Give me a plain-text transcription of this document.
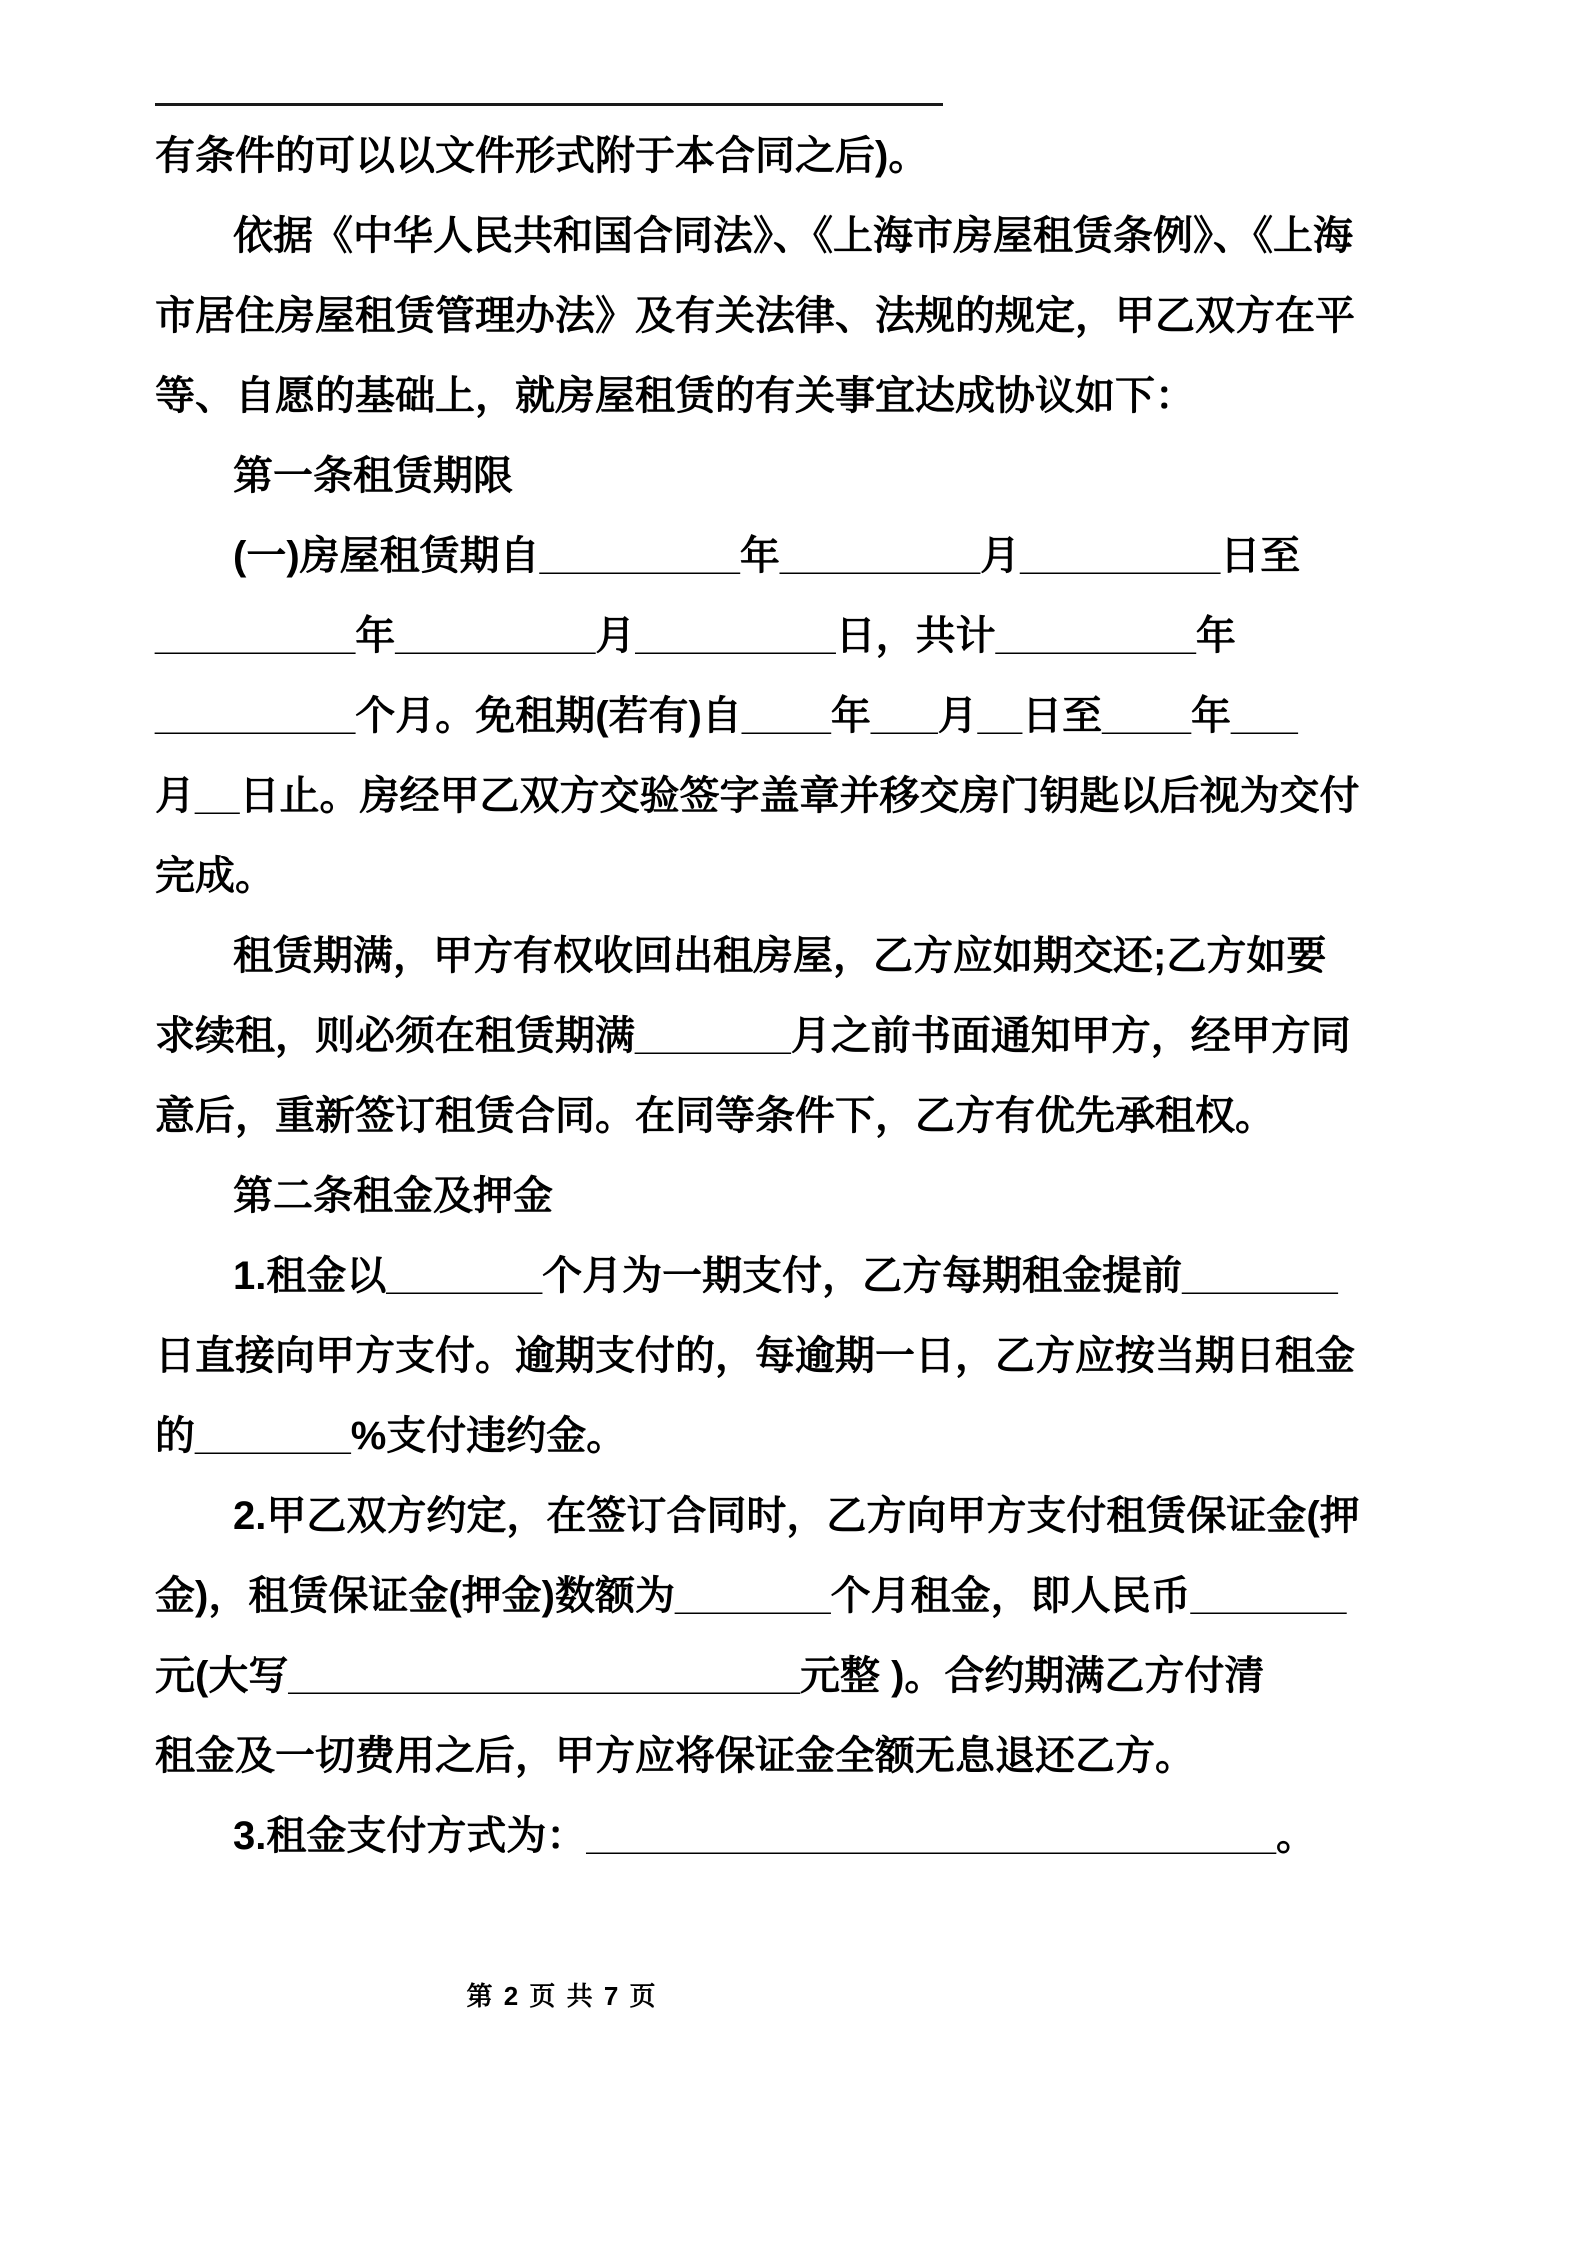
有条件的可以以文件形式附于本合同之后)。
依据《中华人民共和国合同法》、《上海市房屋租赁条例》、《上海
市居住房屋租赁管理办法》及有关法律、法规的规定，甲乙双方在平
等、自愿的基础上，就房屋租赁的有关事宜达成协议如下：
第一条租赁期限
(一)房屋租赁期自_________年_________月_________日至
_________年_________月_________日，共计_________年
_________个月。免租期(若有)自____年___月__日至____年___
月__日止。房经甲乙双方交验签字盖章并移交房门钥匙以后视为交付
完成。
租赁期满，甲方有权收回出租房屋，乙方应如期交还;乙方如要
求续租，则必须在租赁期满_______月之前书面通知甲方，经甲方同
意后，重新签订租赁合同。在同等条件下，乙方有优先承租权。
第二条租金及押金
1.租金以_______个月为一期支付，乙方每期租金提前_______
日直接向甲方支付。逾期支付的，每逾期一日，乙方应按当期日租金
的_______%支付违约金。
2.甲乙双方约定，在签订合同时，乙方向甲方支付租赁保证金(押
金)，租赁保证金(押金)数额为_______个月租金，即人民币_______
元(大写_______________________元整 )。合约期满乙方付清
租金及一切费用之后，甲方应将保证金全额无息退还乙方。
3.租金支付方式为：_______________________________。
第 2 页 共 7 页
